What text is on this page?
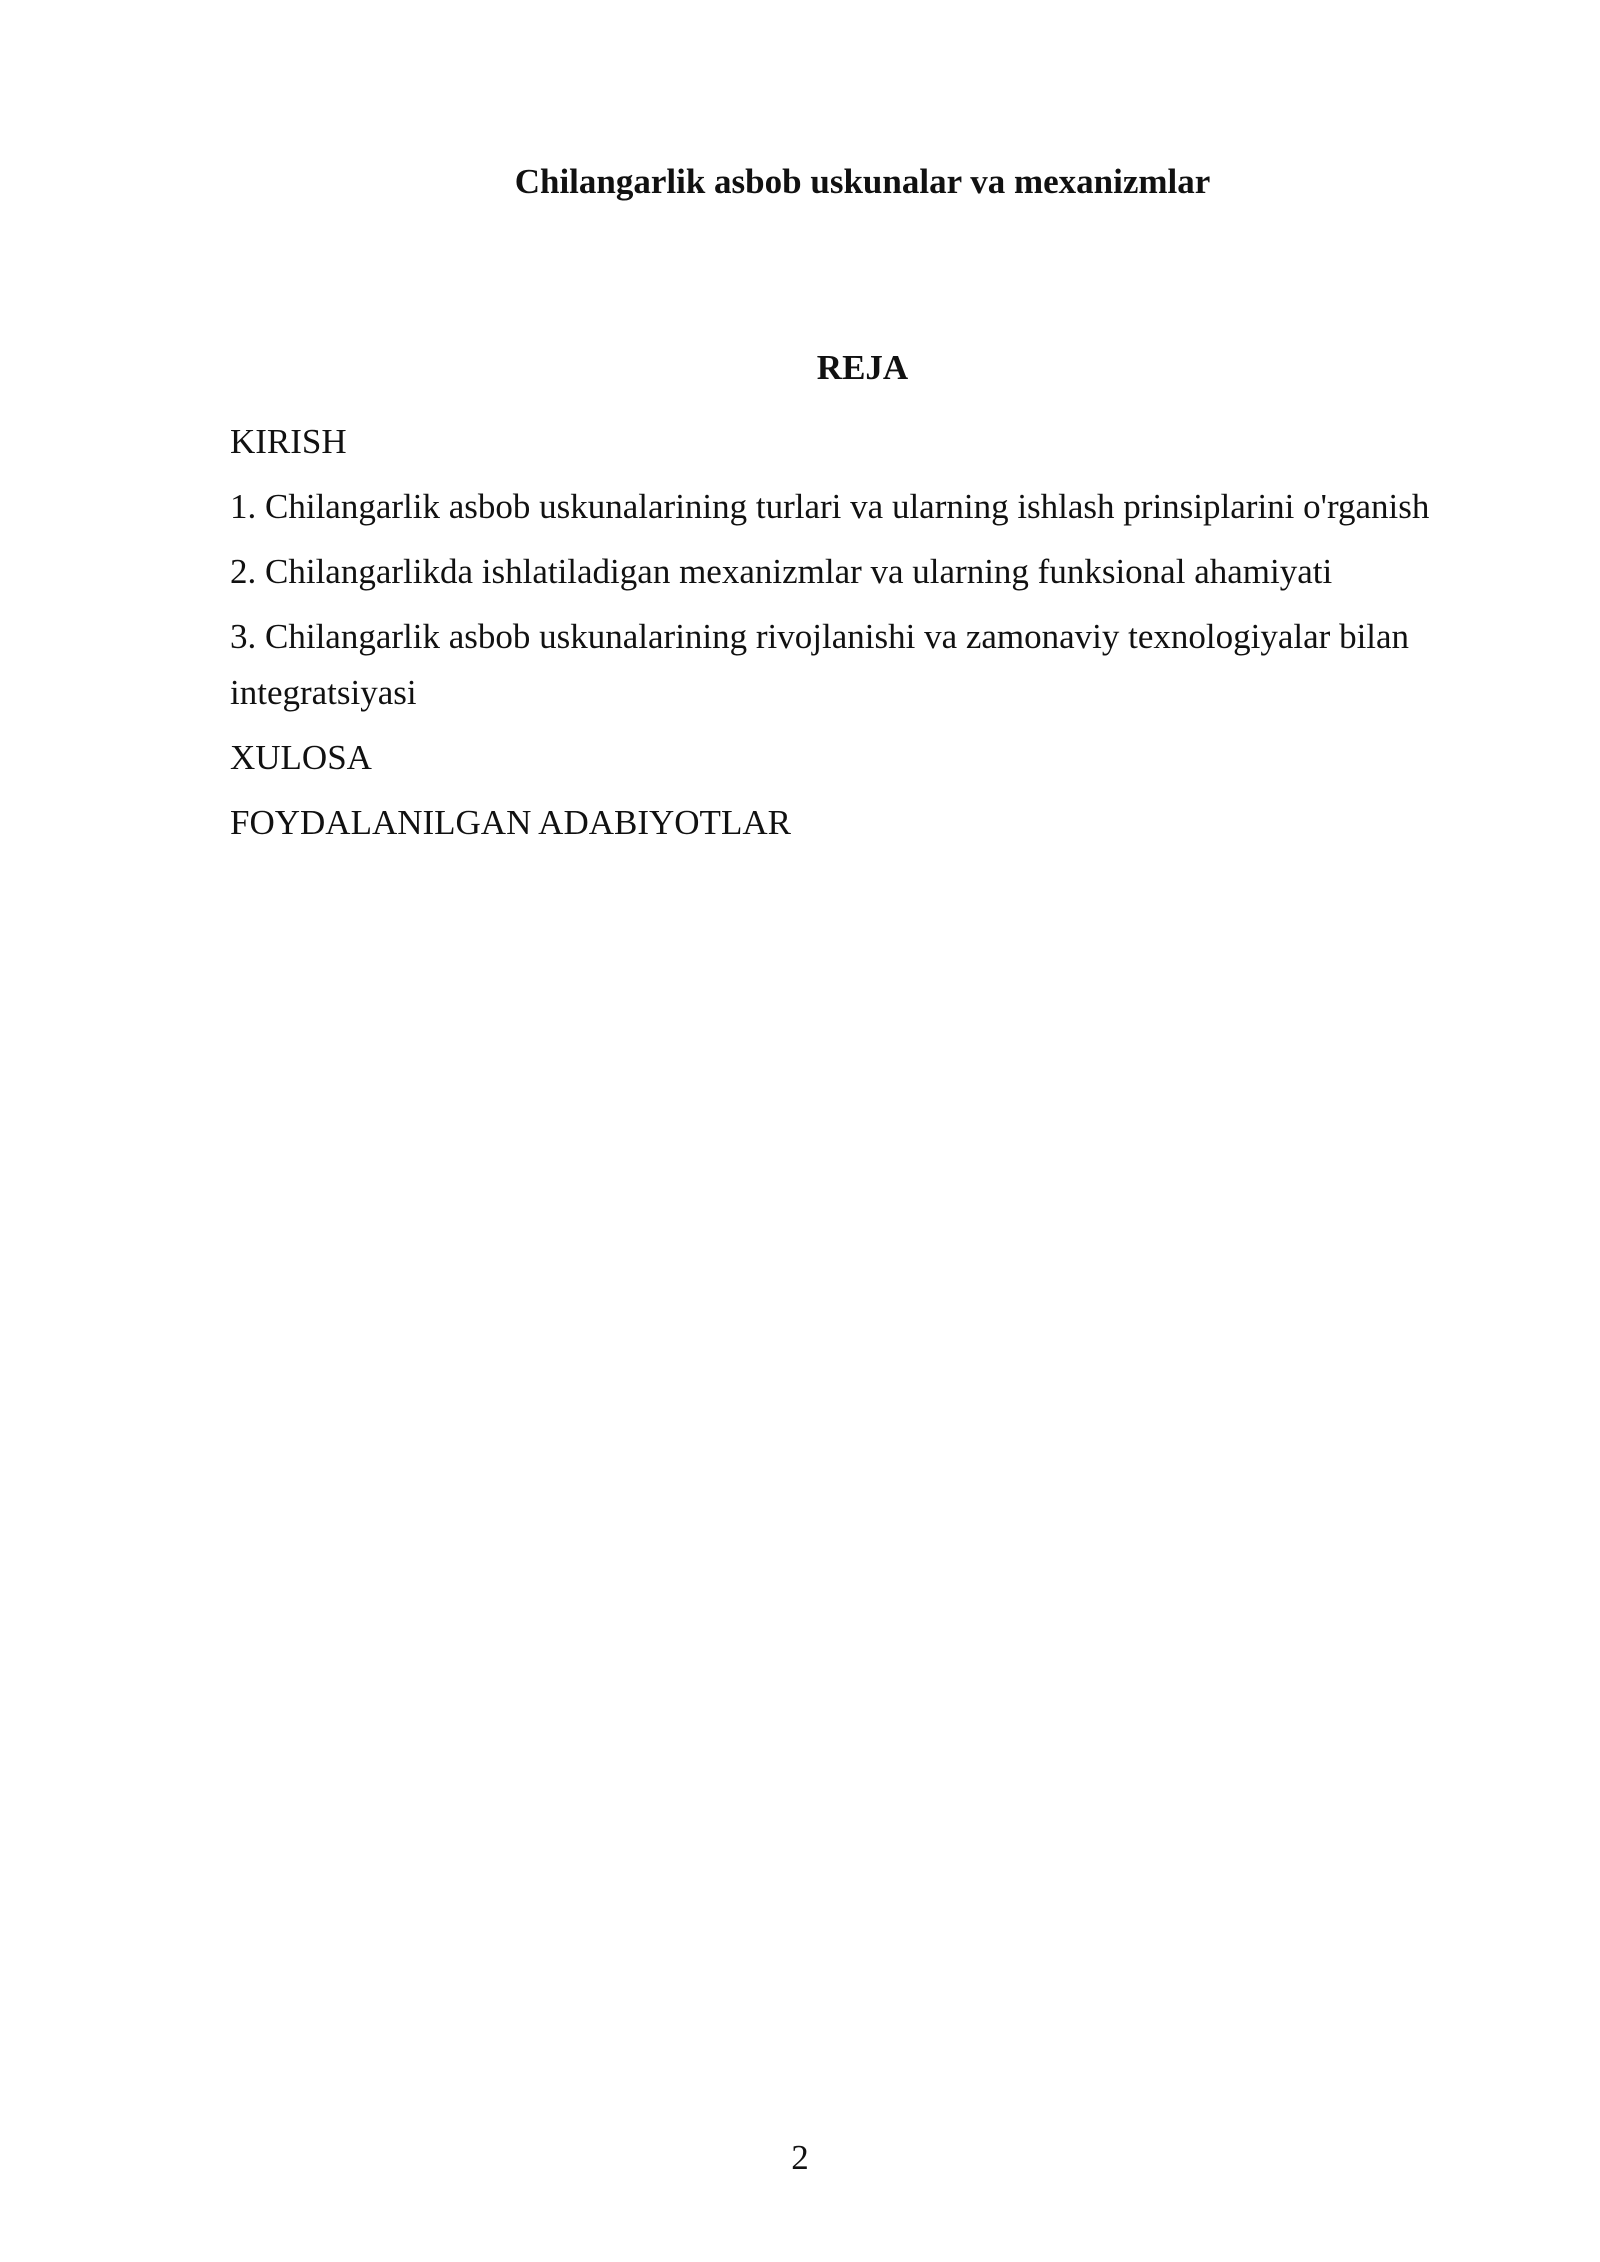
Chilangarlik asbob uskunalar va mexanizmlar
REJA
KIRISH
1. Chilangarlik asbob uskunalarining turlari va ularning ishlash prinsiplarini o'rganish
2. Chilangarlikda ishlatiladigan mexanizmlar va ularning funksional ahamiyati
3. Chilangarlik asbob uskunalarining rivojlanishi va zamonaviy texnologiyalar bilan integratsiyasi
XULOSA
FOYDALANILGAN ADABIYOTLAR
2
